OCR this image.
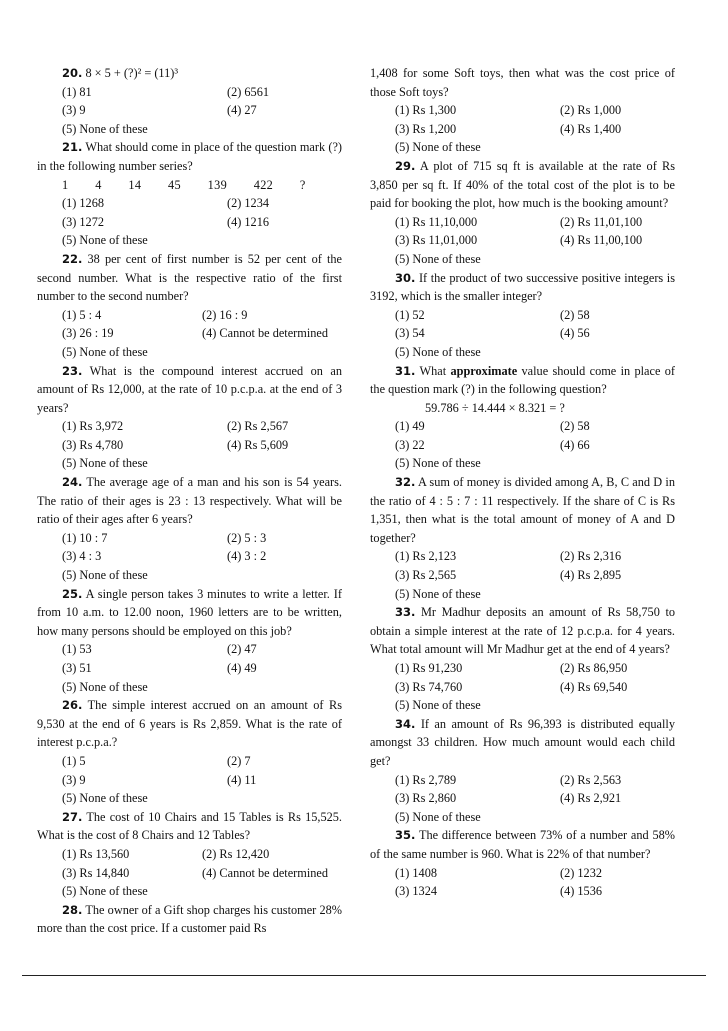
20. 8 × 5 + (?)² = (11)³
(1) 81	(2) 6561
(3) 9	(4) 27
(5) None of these
21. What should come in place of the question mark (?) in the following number series?
1  4  14  45  139  422  ?
(1) 1268	(2) 1234
(3) 1272	(4) 1216
(5) None of these
22. 38 per cent of first number is 52 per cent of the second number. What is the respective ratio of the first number to the second number?
(1) 5 : 4	(2) 16 : 9
(3) 26 : 19	(4) Cannot be determined
(5) None of these
23. What is the compound interest accrued on an amount of Rs 12,000, at the rate of 10 p.c.p.a. at the end of 3 years?
(1) Rs 3,972	(2) Rs 2,567
(3) Rs 4,780	(4) Rs 5,609
(5) None of these
24. The average age of a man and his son is 54 years. The ratio of their ages is 23 : 13 respectively. What will be ratio of their ages after 6 years?
(1) 10 : 7	(2) 5 : 3
(3) 4 : 3	(4) 3 : 2
(5) None of these
25. A single person takes 3 minutes to write a letter. If from 10 a.m. to 12.00 noon, 1960 letters are to be written, how many persons should be employed on this job?
(1) 53	(2) 47
(3) 51	(4) 49
(5) None of these
26. The simple interest accrued on an amount of Rs 9,530 at the end of 6 years is Rs 2,859. What is the rate of interest p.c.p.a.?
(1) 5	(2) 7
(3) 9	(4) 11
(5) None of these
27. The cost of 10 Chairs and 15 Tables is Rs 15,525. What is the cost of 8 Chairs and 12 Tables?
(1) Rs 13,560	(2) Rs 12,420
(3) Rs 14,840	(4) Cannot be determined
(5) None of these
28. The owner of a Gift shop charges his customer 28% more than the cost price. If a customer paid Rs
1,408 for some Soft toys, then what was the cost price of those Soft toys?
(1) Rs 1,300	(2) Rs 1,000
(3) Rs 1,200	(4) Rs 1,400
(5) None of these
29. A plot of 715 sq ft is available at the rate of Rs 3,850 per sq ft. If 40% of the total cost of the plot is to be paid for booking the plot, how much is the booking amount?
(1) Rs 11,10,000	(2) Rs 11,01,100
(3) Rs 11,01,000	(4) Rs 11,00,100
(5) None of these
30. If the product of two successive positive integers is 3192, which is the smaller integer?
(1) 52	(2) 58
(3) 54	(4) 56
(5) None of these
31. What approximate value should come in place of the question mark (?) in the following question?
59.786 ÷ 14.444 × 8.321 = ?
(1) 49	(2) 58
(3) 22	(4) 66
(5) None of these
32. A sum of money is divided among A, B, C and D in the ratio of 4 : 5 : 7 : 11 respectively. If the share of C is Rs 1,351, then what is the total amount of money of A and D together?
(1) Rs 2,123	(2) Rs 2,316
(3) Rs 2,565	(4) Rs 2,895
(5) None of these
33. Mr Madhur deposits an amount of Rs 58,750 to obtain a simple interest at the rate of 12 p.c.p.a. for 4 years. What total amount will Mr Madhur get at the end of 4 years?
(1) Rs 91,230	(2) Rs 86,950
(3) Rs 74,760	(4) Rs 69,540
(5) None of these
34. If an amount of Rs 96,393 is distributed equally amongst 33 children. How much amount would each child get?
(1) Rs 2,789	(2) Rs 2,563
(3) Rs 2,860	(4) Rs 2,921
(5) None of these
35. The difference between 73% of a number and 58% of the same number is 960. What is 22% of that number?
(1) 1408	(2) 1232
(3) 1324	(4) 1536
